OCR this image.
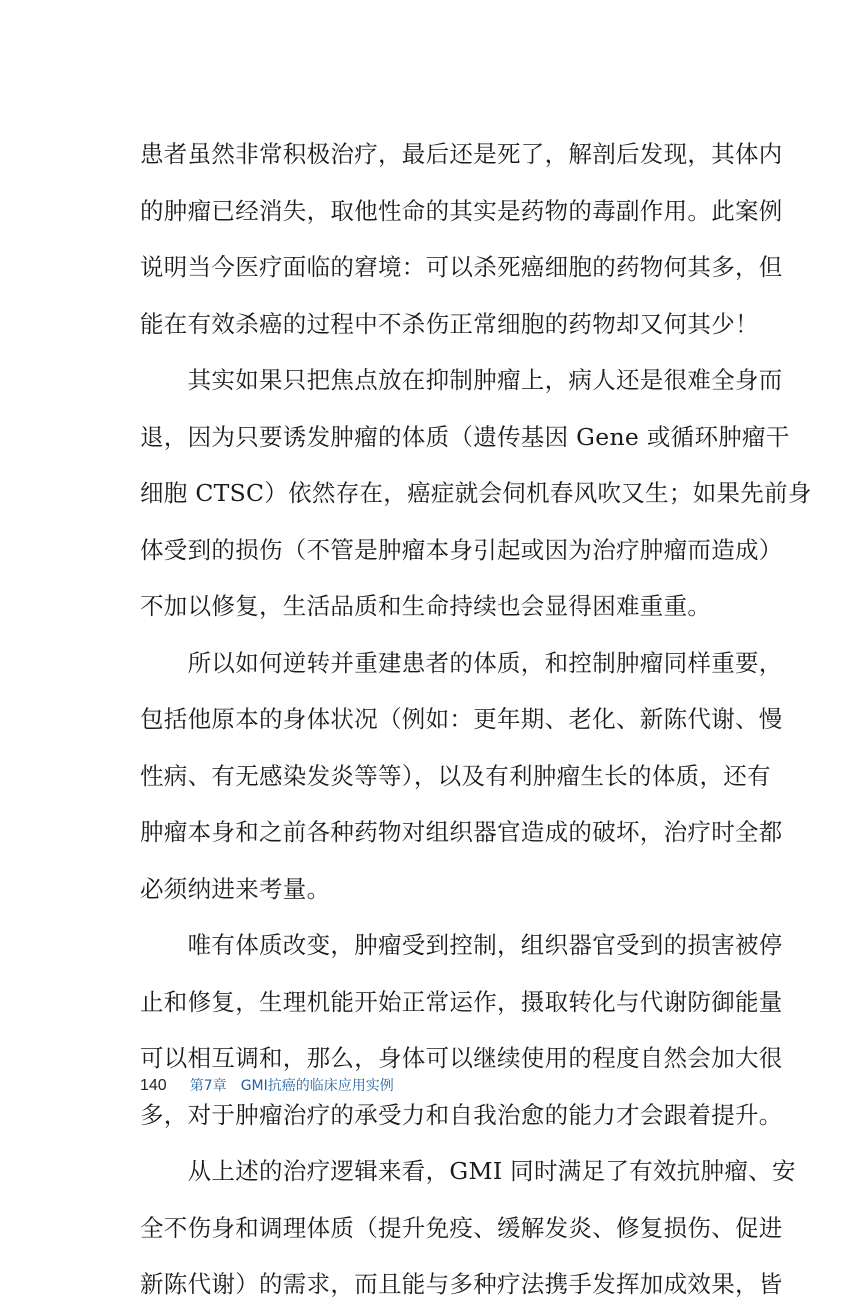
患者虽然非常积极治疗，最后还是死了，解剖后发现，其体内
的肿瘤已经消失，取他性命的其实是药物的毒副作用。此案例
说明当今医疗面临的窘境：可以杀死癌细胞的药物何其多，但
能在有效杀癌的过程中不杀伤正常细胞的药物却又何其少！
　　其实如果只把焦点放在抑制肿瘤上，病人还是很难全身而
退，因为只要诱发肿瘤的体质（遗传基因 Gene 或循环肿瘤干
细胞 CTSC）依然存在，癌症就会伺机春风吹又生；如果先前身
体受到的损伤（不管是肿瘤本身引起或因为治疗肿瘤而造成）
不加以修复，生活品质和生命持续也会显得困难重重。
　　所以如何逆转并重建患者的体质，和控制肿瘤同样重要，
包括他原本的身体状况（例如：更年期、老化、新陈代谢、慢
性病、有无感染发炎等等），以及有利肿瘤生长的体质，还有
肿瘤本身和之前各种药物对组织器官造成的破坏，治疗时全都
必须纳进来考量。
　　唯有体质改变，肿瘤受到控制，组织器官受到的损害被停
止和修复，生理机能开始正常运作，摄取转化与代谢防御能量
可以相互调和，那么，身体可以继续使用的程度自然会加大很
多，对于肿瘤治疗的承受力和自我治愈的能力才会跟着提升。
　　从上述的治疗逻辑来看，GMI 同时满足了有效抗肿瘤、安
全不伤身和调理体质（提升免疫、缓解发炎、修复损伤、促进
新陈代谢）的需求，而且能与多种疗法携手发挥加成效果，皆
140 第7章　GMI抗癌的临床应用实例
